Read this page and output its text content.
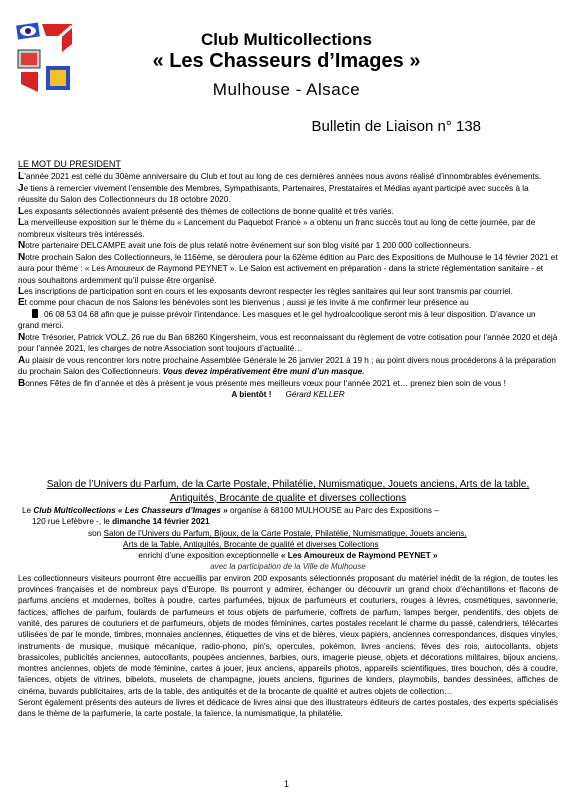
Club Multicollections
« Les Chasseurs d’Images »
Mulhouse - Alsace
Bulletin de Liaison n° 138

LE MOT DU PRESIDENT

L’année 2021 est celle du 30ème anniversaire du Club et tout au long de ces dernières années nous avons réalisé d’innombrables événements.

Je tiens à remercier vivement l’ensemble des Membres, Sympathisants, Partenaires, Prestataires et Médias ayant participé avec succès à la réussite du Salon des Collectionneurs du 18 octobre 2020.

Les exposants sélectionnés avaient présenté des thèmes de collections de bonne qualité et très variés.

La merveilleuse exposition sur le thème du « Lancement du Paquebot France » a obtenu un franc succès tout au long de cette journée, par de nombreux visiteurs très intéressés.

Notre partenaire DELCAMPE avait une fois de plus relaté notre événement sur son blog visité par 1 200 000 collectionneurs.

Notre prochain Salon des Collectionneurs, le 116ème, se déroulera pour la 62ème édition au Parc des Expositions de Mulhouse le 14 février 2021 et aura pour thème : « Les Amoureux de Raymond PEYNET ». Le Salon est activement en préparation - dans la stricte réglementation sanitaire - et nous souhaitons ardemment qu’il puisse être organisé.

Les inscriptions de participation sont en cours et les exposants devront respecter les règles sanitaires qui leur sont transmis par courriel.

Et comme pour chacun de nos Salons les bénévoles sont les bienvenus ; aussi je les invite à me confirmer leur présence au

06 08 53 04 68 afin que je puisse prévoir l’intendance. Les masques et le gel hydroalcoolique seront mis à leur disposition. D’avance un grand merci.

Notre Trésorier, Patrick VOLZ, 26 rue du Ban 68260 Kingersheim, vous est reconnaissant du règlement de votre cotisation pour l’année 2020 et déjà pour l’année 2021, les charges de notre Association sont toujours d’actualité…

Au plaisir de vous rencontrer lors notre prochaine Assemblée Générale le 26 janvier 2021 à 19 h ; au point divers nous procéderons à la préparation du prochain Salon des Collectionneurs. Vous devez impérativement être muni d’un masque.

Bonnes Fêtes de fin d’année et dès à présent je vous présente mes meilleurs vœux pour l’année 2021 et… prenez bien soin de vous !

A bientôt ! Gérard KELLER

Salon de l’Univers du Parfum, de la Carte Postale, Philatélie, Numismatique, Jouets anciens, Arts de la table,
Antiquités, Brocante de qualite et diverses collections

Le Club Multicollections « Les Chasseurs d’Images » organise à 68100 MULHOUSE au Parc des Expositions –

120 rue Lefèbvre -, le dimanche 14 février 2021

son Salon de l’Univers du Parfum, Bijoux, de la Carte Postale, Philatélie, Numismatique, Jouets anciens,

Arts de la Table, Antiquités, Brocante de qualité et diverses Collections

enrichi d’une exposition exceptionnelle « Les Amoureux de Raymond PEYNET »

avec la participation de la Ville de Mulhouse

Les collectionneurs visiteurs pourront être accueillis par environ 200 exposants sélectionnés proposant du matériel inédit de la région, de toutes les provinces françaises et de nombreux pays d’Europe. Ils pourront y admirer, échanger ou découvrir un grand choix d’échantillons et flacons de parfums anciens et modernes, boîtes à poudre, cartes parfumées, bijoux de parfumeurs et couturiers, rouges à lèvres, cosmétiques, savonnerie, factices, affiches de parfum, foulards de parfumeurs et tous objets de parfumerie, coffrets de parfum, lampes berger, pendentifs, des objets de vanité, des parures de couturiers et de parfumeurs, objets de modes féminines, cartes postales recelant le charme du passé, calendriers, télécartes utilisées de par le monde, timbres, monnaies anciennes, étiquettes de vins et de bières, vieux papiers, anciennes correspondances, disques vinyles, instruments de musique, musique mécanique, radio-phono, pin’s, opercules, pokémon, livres anciens, fèves des rois, autocollants, objets brassicoles, publicités anciennes, autocollants, poupées anciennes, barbies, ours, imagerie pieuse, objets et décorations militaires, bijoux anciens, montres anciennes, objets de mode féminine, cartes à jouer, jeux anciens, appareils photos, appareils scientifiques, tires bouchon, dés à coudre, faïences, objets de vitrines, bibelots, muselets de champagne, jouets anciens, figurines de kinders, playmobils, bandes dessinées, affiches de cinéma, buvards publicitaires, arts de la table, des antiquités et de la brocante de qualité et autres objets de collection…

Seront également présents des auteurs de livres et dédicace de livres ainsi que des illustrateurs éditeurs de cartes postales, des experts spécialisés dans le thème de la parfumerie, la carte postale, la faïence, la numismatique, la philatélie.

1
